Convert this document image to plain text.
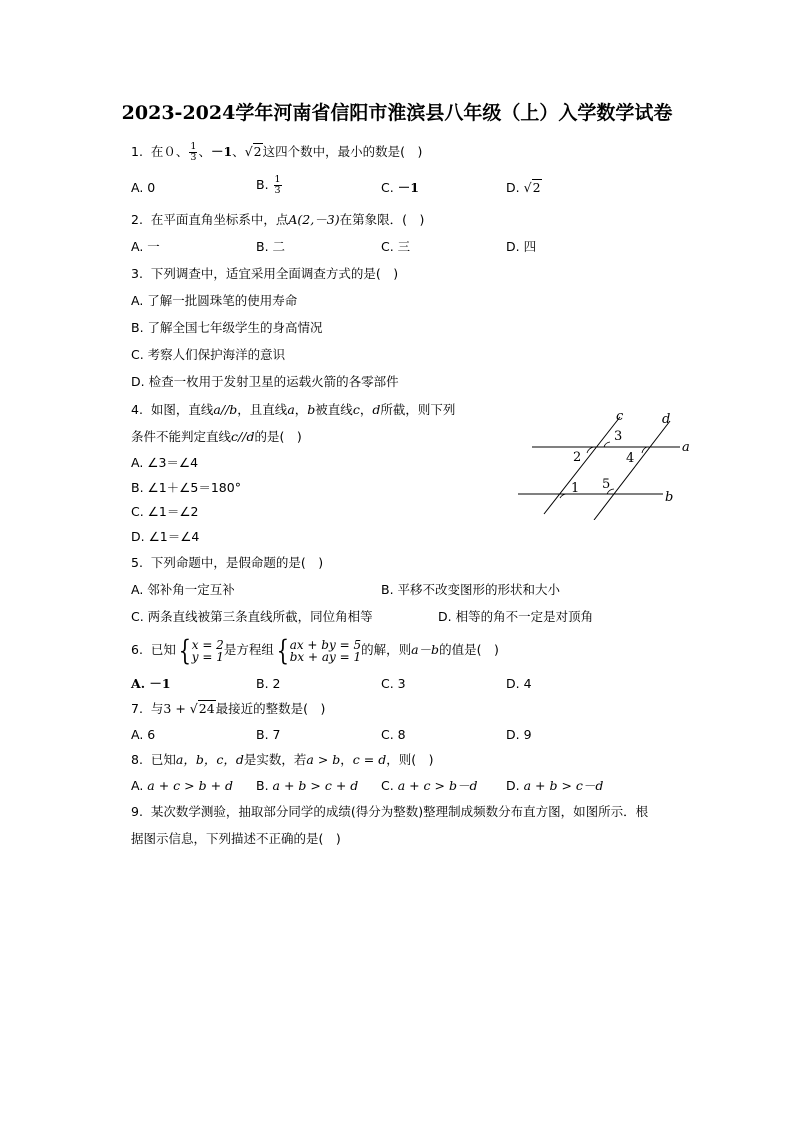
2023-2024学年河南省信阳市淮滨县八年级（上）入学数学试卷
1. 在０、 $\frac{1}{3}$ 、－1、√2这四个数中，最小的数是(　)
A. 0	B. $\frac{1}{3}$	C. －1	D. √2
2. 在平面直角坐标系中，点A(2,－3)在第象限．(　)
A. 一	B. 二	C. 三	D. 四
3. 下列调查中，适宜采用全面调查方式的是(　)
A. 了解一批圆珠笔的使用寿命
B. 了解全国七年级学生的身高情况
C. 考察人们保护海洋的意识
D. 检查一枚用于发射卫星的运载火箭的各零部件
4. 如图，直线a//b，且直线a，b被直线c，d所截，则下列
条件不能判定直线c//d的是(　)
A. ∠3＝∠4
B. ∠1＋∠5＝180°
C. ∠1＝∠2
D. ∠1＝∠4
c	d
a
b
3
2	4
1 5
5. 下列命题中，是假命题的是(　)
A. 邻补角一定互补	B. 平移不改变图形的形状和大小
C. 两条直线被第三条直线所截，同位角相等	D. 相等的角不一定是对顶角
6. 已知 { x = 2
y = 1 是方程组 { ax + by = 5
bx + ay = 1 的解，则a－b的值是(　)
A. －1	B. 2	C. 3	D. 4
7. 与3 + √24最接近的整数是(　)
A. 6	B. 7	C. 8	D. 9
8. 已知a，b，c，d是实数，若a > b，c = d，则(　)
A. a + c > b + d B. a + b > c + d C. a + c > b－d D. a + b > c－d
9. 某次数学测验，抽取部分同学的成绩(得分为整数)整理制成频数分布直方图，如图所示．根
据图示信息，下列描述不正确的是(　)
